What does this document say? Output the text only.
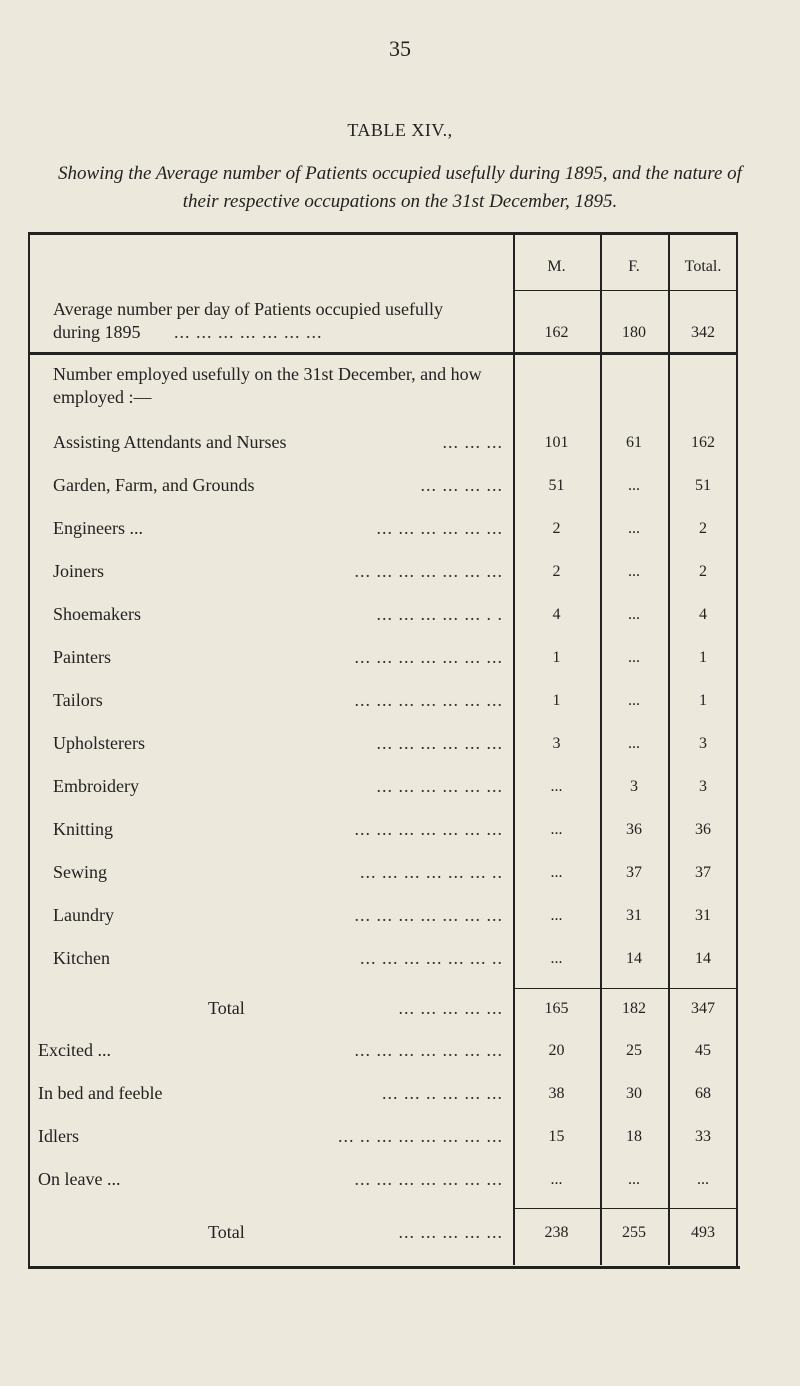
35
TABLE XIV.,
Showing the Average number of Patients occupied usefully during 1895, and the nature of their respective occupations on the 31st December, 1895.
M.	F.	Total.
Average number per day of Patients occupied usefully
during 1895 ... ... ... ... ... ... ...	162	180	342
Number employed usefully on the 31st December, and how
employed :—
Assisting Attendants and Nurses	... ... ...	101	61	162
Garden, Farm, and Grounds	... ... ... ...	51	...	51
Engineers ...	... ... ... ... ... ...	2	...	2
Joiners	... ... ... ... ... ... ...	2	...	2
Shoemakers	... ... ... ... ... . .	4	...	4
Painters	... ... ... ... ... ... ...	1	...	1
Tailors	... ... ... ... ... ... ...	1	...	1
Upholsterers	... ... ... ... ... ...	3	...	3
Embroidery	... ... ... ... ... ...	...	3	3
Knitting	... ... ... ... ... ... ...	...	36	36
Sewing	... ... ... ... ... ... ..	...	37	37
Laundry	... ... ... ... ... ... ...	...	31	31
Kitchen	... ... ... ... ... ... ..	...	14	14
Total	... ... ... ... ...	165	182	347
Excited ...	... ... ... ... ... ... ...	20	25	45
In bed and feeble	... ... .. ... ... ...	38	30	68
Idlers	... .. ... ... ... ... ... ...	15	18	33
On leave ...	... ... ... ... ... ... ...	...	...	...
Total	... ... ... ... ...	238	255	493
